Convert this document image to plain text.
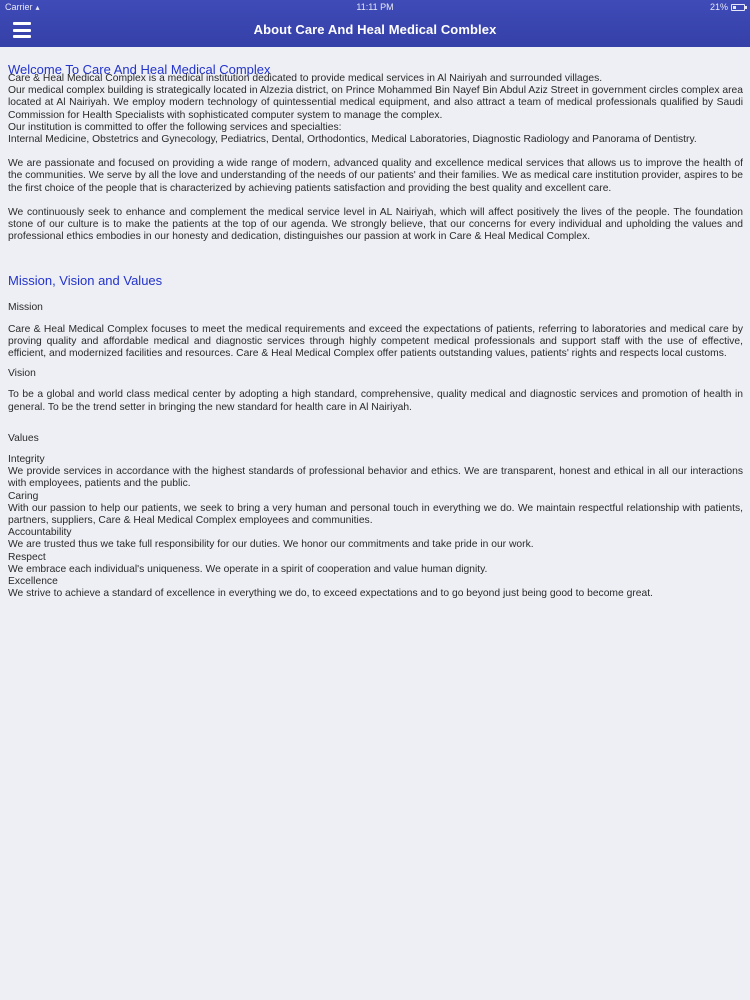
Carrier ▴	11:11 PM	21%
About Care And Heal Medical Comblex
Welcome To Care And Heal Medical Complex
Care & Heal Medical Complex is a medical institution dedicated to provide medical services in Al Nairiyah and surrounded villages.
Our medical complex building is strategically located in Alzezia district, on Prince Mohammed Bin Nayef Bin Abdul Aziz Street in government circles complex area located at Al Nairiyah. We employ modern technology of quintessential medical equipment, and also attract a team of medical professionals qualified by Saudi Commission for Health Specialists with sophisticated computer system to manage the complex.
Our institution is committed to offer the following services and specialties:
Internal Medicine, Obstetrics and Gynecology, Pediatrics, Dental, Orthodontics, Medical Laboratories, Diagnostic Radiology and Panorama of Dentistry.
We are passionate and focused on providing a wide range of modern, advanced quality and excellence medical services that allows us to improve the health of the communities. We serve by all the love and understanding of the needs of our patients' and their families. We as medical care institution provider, aspires to be the first choice of the people that is characterized by achieving patients satisfaction and providing the best quality and excellent care.
We continuously seek to enhance and complement the medical service level in AL Nairiyah, which will affect positively the lives of the people. The foundation stone of our culture is to make the patients at the top of our agenda. We strongly believe, that our concerns for every individual and upholding the values and professional ethics embodies in our honesty and dedication, distinguishes our passion at work in Care & Heal Medical Complex.
Mission, Vision and Values
Mission
Care & Heal Medical Complex focuses to meet the medical requirements and exceed the expectations of patients, referring to laboratories and medical care by proving quality and affordable medical and diagnostic services through highly competent medical professionals and support staff with the use of effective, efficient, and modernized facilities and resources. Care & Heal Medical Complex offer patients outstanding values, patients' rights and respects local customs.
Vision
To be a global and world class medical center by adopting a high standard, comprehensive, quality medical and diagnostic services and promotion of health in general. To be the trend setter in bringing the new standard for health care in Al Nairiyah.
Values
Integrity
We provide services in accordance with the highest standards of professional behavior and ethics. We are transparent, honest and ethical in all our interactions with employees, patients and the public.
Caring
With our passion to help our patients, we seek to bring a very human and personal touch in everything we do. We maintain respectful relationship with patients, partners, suppliers, Care & Heal Medical Complex employees and communities.
Accountability
We are trusted thus we take full responsibility for our duties. We honor our commitments and take pride in our work.
Respect
We embrace each individual's uniqueness. We operate in a spirit of cooperation and value human dignity.
Excellence
We strive to achieve a standard of excellence in everything we do, to exceed expectations and to go beyond just being good to become great.
